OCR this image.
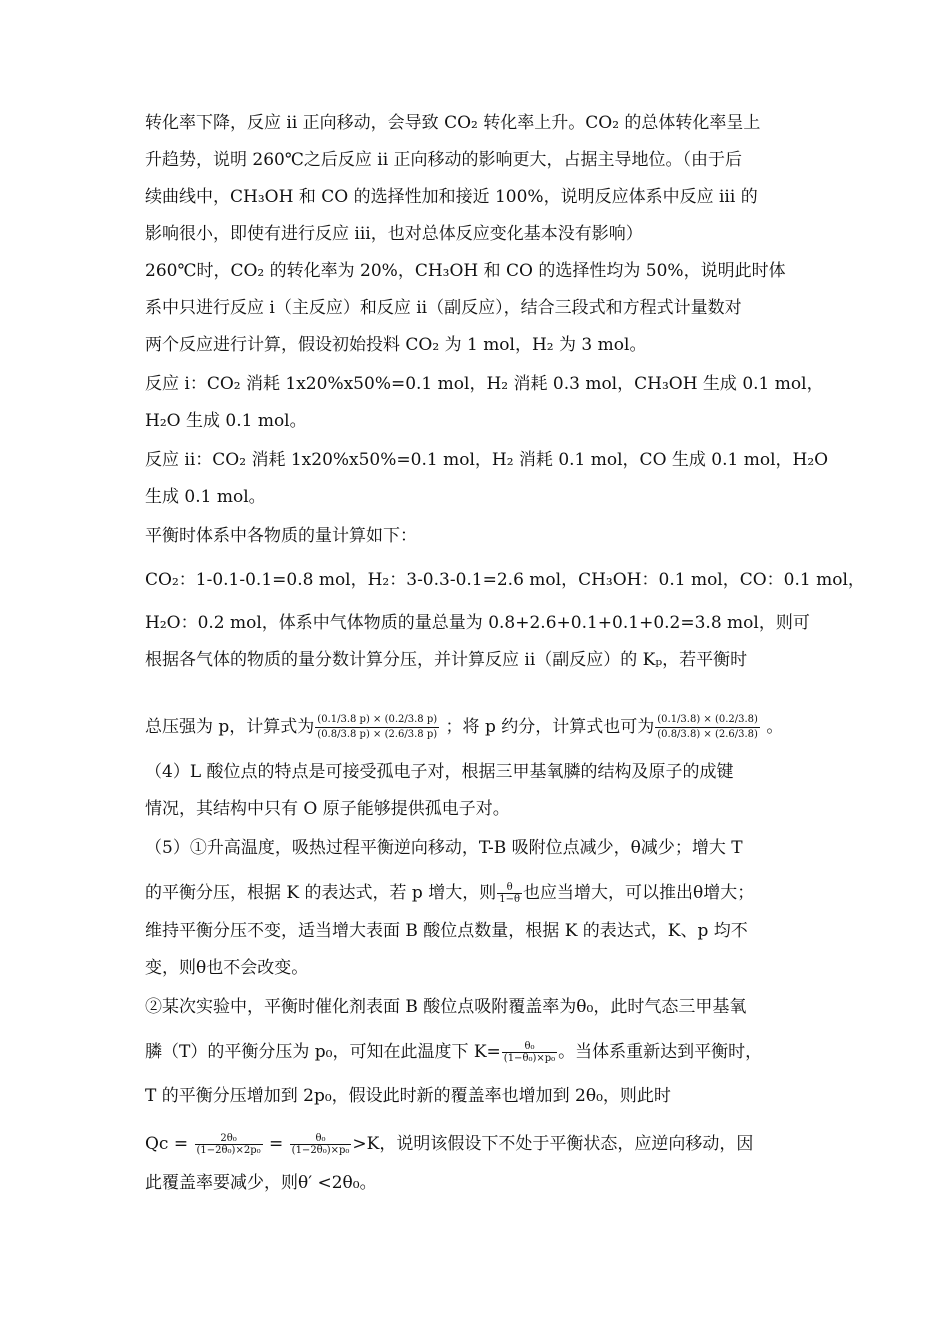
转化率下降，反应 ii 正向移动，会导致 CO₂ 转化率上升。CO₂ 的总体转化率呈上
升趋势，说明 260℃之后反应 ii 正向移动的影响更大，占据主导地位。（由于后
续曲线中，CH₃OH 和 CO 的选择性加和接近 100%，说明反应体系中反应 iii 的
影响很小，即使有进行反应 iii，也对总体反应变化基本没有影响）
260℃时，CO₂ 的转化率为 20%，CH₃OH 和 CO 的选择性均为 50%，说明此时体
系中只进行反应 i（主反应）和反应 ii（副反应），结合三段式和方程式计量数对
两个反应进行计算，假设初始投料 CO₂ 为 1 mol，H₂ 为 3 mol。
反应 i：CO₂ 消耗 1x20%x50%=0.1 mol，H₂ 消耗 0.3 mol，CH₃OH 生成 0.1 mol，
H₂O 生成 0.1 mol。
反应 ii：CO₂ 消耗 1x20%x50%=0.1 mol，H₂ 消耗 0.1 mol，CO 生成 0.1 mol，H₂O
生成 0.1 mol。
平衡时体系中各物质的量计算如下：
CO₂：1-0.1-0.1=0.8 mol，H₂：3-0.3-0.1=2.6 mol，CH₃OH：0.1 mol，CO：0.1 mol，
H₂O：0.2 mol，体系中气体物质的量总量为 0.8+2.6+0.1+0.1+0.2=3.8 mol，则可
根据各气体的物质的量分数计算分压，并计算反应 ii（副反应）的 Kₚ，若平衡时
（4）L 酸位点的特点是可接受孤电子对，根据三甲基氧膦的结构及原子的成键
情况，其结构中只有 O 原子能够提供孤电子对。
（5）①升高温度，吸热过程平衡逆向移动，T-B 吸附位点减少，θ减少；增大 T
维持平衡分压不变，适当增大表面 B 酸位点数量，根据 K 的表达式，K、p 均不
变，则θ也不会改变。
②某次实验中，平衡时催化剂表面 B 酸位点吸附覆盖率为θ₀，此时气态三甲基氧
T 的平衡分压增加到 2p₀，假设此时新的覆盖率也增加到 2θ₀，则此时
此覆盖率要减少，则θ′ <2θ₀。
总压强为 p，计算式为 $\frac{(0.1/3.8 p) \times (0.2/3.8 p)}{(0.8/3.8 p) \times (2.6/3.8 p)}$ ；将 p 约分，计算式也可为 $\frac{(0.1/3.8) \times (0.2/3.8)}{(0.8/3.8) \times (2.6/3.8)}$ 。
的平衡分压，根据 K 的表达式，若 p 增大，则 $\frac{\theta}{1-\theta}$ 也应当增大，可以推出θ增大；
膦（T）的平衡分压为 p₀，可知在此温度下 $K= \frac{\text{θ₀}}{\text{(1−θ₀)×p₀}}$ 。当体系重新达到平衡时，
$Qc = \frac{\text{2θ₀}}{\text{(1−2θ₀)×2p₀}} = \frac{\text{θ₀}}{\text{(1−2θ₀)×p₀}} >K$，说明该假设下不处于平衡状态，应逆向移动，因
